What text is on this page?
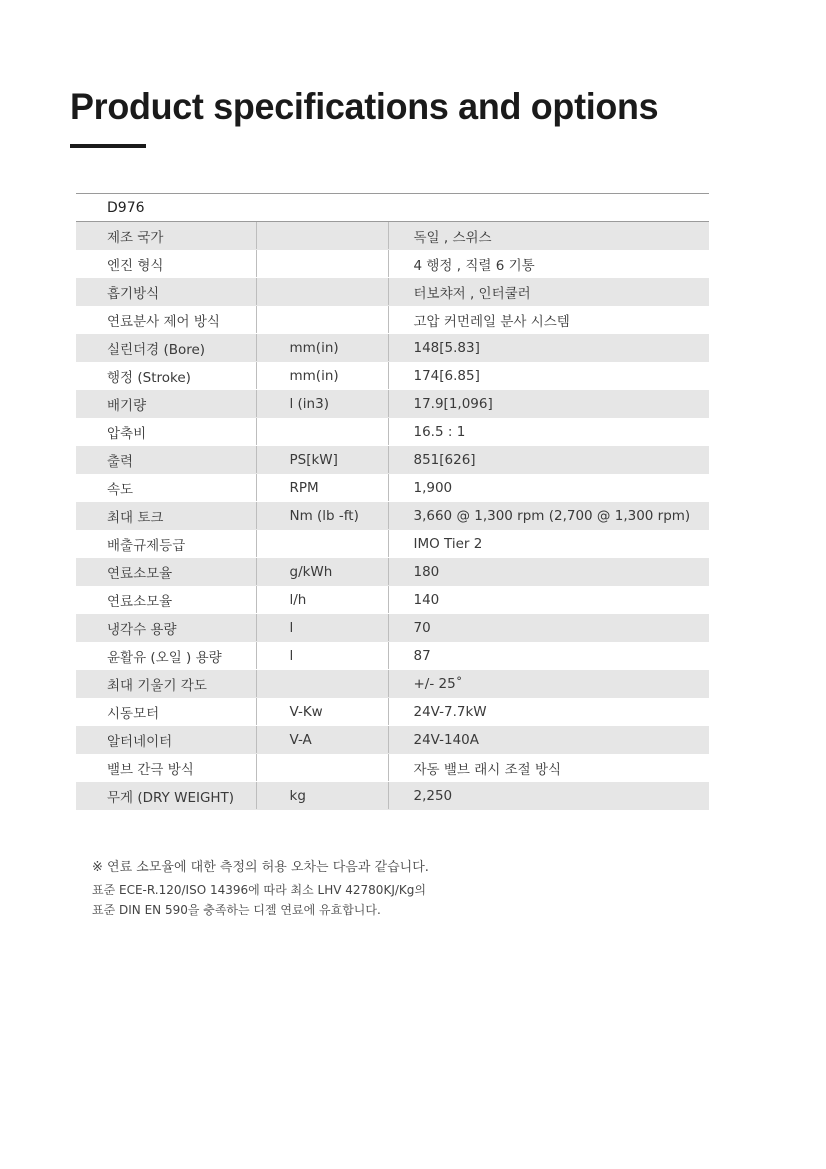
Product specifications and options
D976		
제조 국가		독일 , 스위스
엔진 형식		4 행정 , 직렬 6 기통
흡기방식		터보챠저 , 인터쿨러
연료분사 제어 방식		고압 커먼레일 분사 시스템
실린더경 (Bore)	mm(in)	148[5.83]
행정 (Stroke)	mm(in)	174[6.85]
배기량	l (in3)	17.9[1,096]
압축비		16.5 : 1
출력	PS[kW]	851[626]
속도	RPM	1,900
최대 토크	Nm (lb -ft)	3,660 @ 1,300 rpm (2,700 @ 1,300 rpm)
배출규제등급		IMO Tier 2
연료소모율	g/kWh	180
연료소모율	l/h	140
냉각수 용량	l	70
윤활유 (오일 ) 용량	l	87
최대 기울기 각도		+/- 25˚
시동모터	V-Kw	24V-7.7kW
알터네이터	V-A	24V-140A
밸브 간극 방식		자동 밸브 래시 조절 방식
무게 (DRY WEIGHT)	kg	2,250
※ 연료 소모율에 대한 측정의 허용 오차는 다음과 같습니다.
표준 ECE-R.120/ISO 14396에 따라 최소 LHV 42780KJ/Kg의
표준 DIN EN 590을 충족하는 디젤 연료에 유효합니다.
